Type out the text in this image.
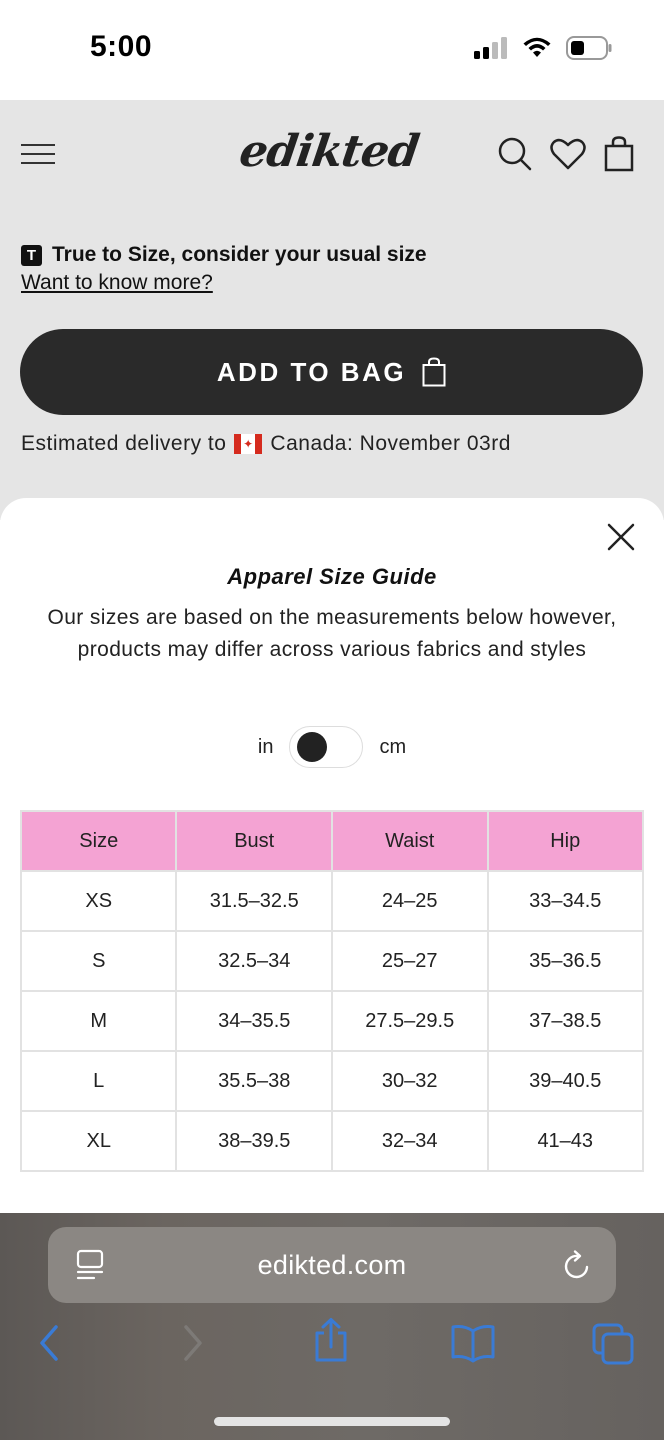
5:00
edikted
T True to Size, consider your usual size
Want to know more?
ADD TO BAG
Estimated delivery to ✦ Canada: November 03rd
Apparel Size Guide
Our sizes are based on the measurements below however, products may differ across various fabrics and styles
in	cm
Size	Bust	Waist	Hip
XS	31.5–32.5	24–25	33–34.5
S	32.5–34	25–27	35–36.5
M	34–35.5	27.5–29.5	37–38.5
L	35.5–38	30–32	39–40.5
XL	38–39.5	32–34	41–43
edikted.com
